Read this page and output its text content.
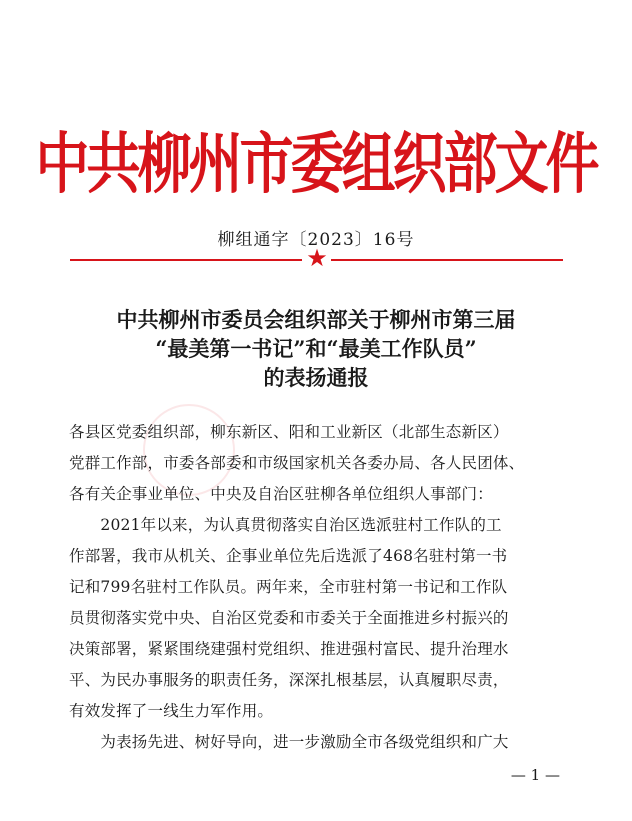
中共柳州市委组织部文件
柳组通字〔2023〕16号
★
中共柳州市委员会组织部关于柳州市第三届
“最美第一书记”和“最美工作队员”
的表扬通报
各县区党委组织部，柳东新区、阳和工业新区（北部生态新区）
党群工作部，市委各部委和市级国家机关各委办局、各人民团体、
各有关企事业单位、中央及自治区驻柳各单位组织人事部门：
　　2021年以来，为认真贯彻落实自治区选派驻村工作队的工
作部署，我市从机关、企事业单位先后选派了468名驻村第一书
记和799名驻村工作队员。两年来，全市驻村第一书记和工作队
员贯彻落实党中央、自治区党委和市委关于全面推进乡村振兴的
决策部署，紧紧围绕建强村党组织、推进强村富民、提升治理水
平、为民办事服务的职责任务，深深扎根基层，认真履职尽责，
有效发挥了一线生力军作用。
　　为表扬先进、树好导向，进一步激励全市各级党组织和广大
— 1 —
